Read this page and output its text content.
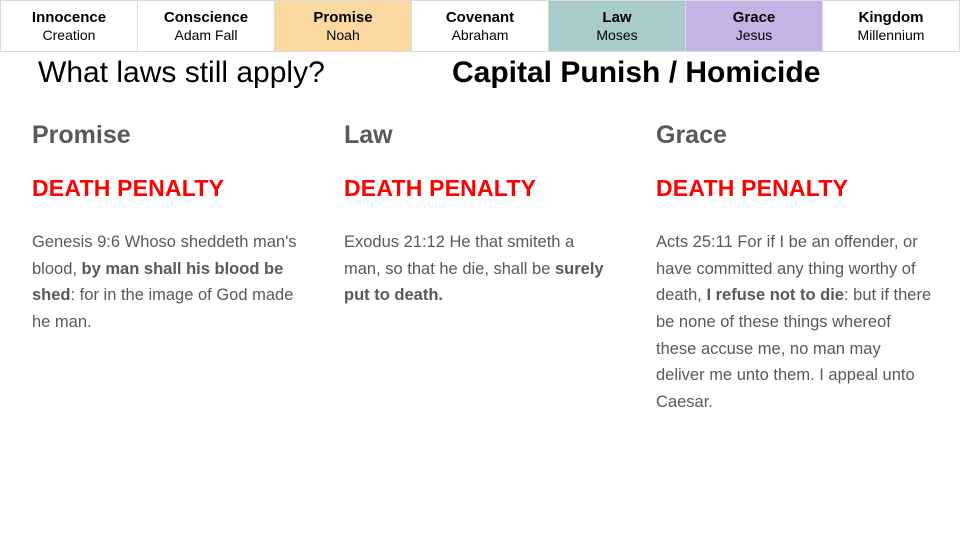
Innocence
Creation
Conscience
Adam Fall
Promise
Noah
Covenant
Abraham
Law
Moses
Grace
Jesus
Kingdom
Millennium
What laws still apply?	Capital Punish / Homicide
Promise
DEATH PENALTY
Genesis 9:6 Whoso sheddeth man's blood, by man shall his blood be shed: for in the image of God made he man.
Law
DEATH PENALTY
Exodus 21:12 He that smiteth a man, so that he die, shall be surely put to death.
Grace
DEATH PENALTY
Acts 25:11 For if I be an offender, or have committed any thing worthy of death, I refuse not to die: but if there be none of these things whereof these accuse me, no man may deliver me unto them. I appeal unto Caesar.
